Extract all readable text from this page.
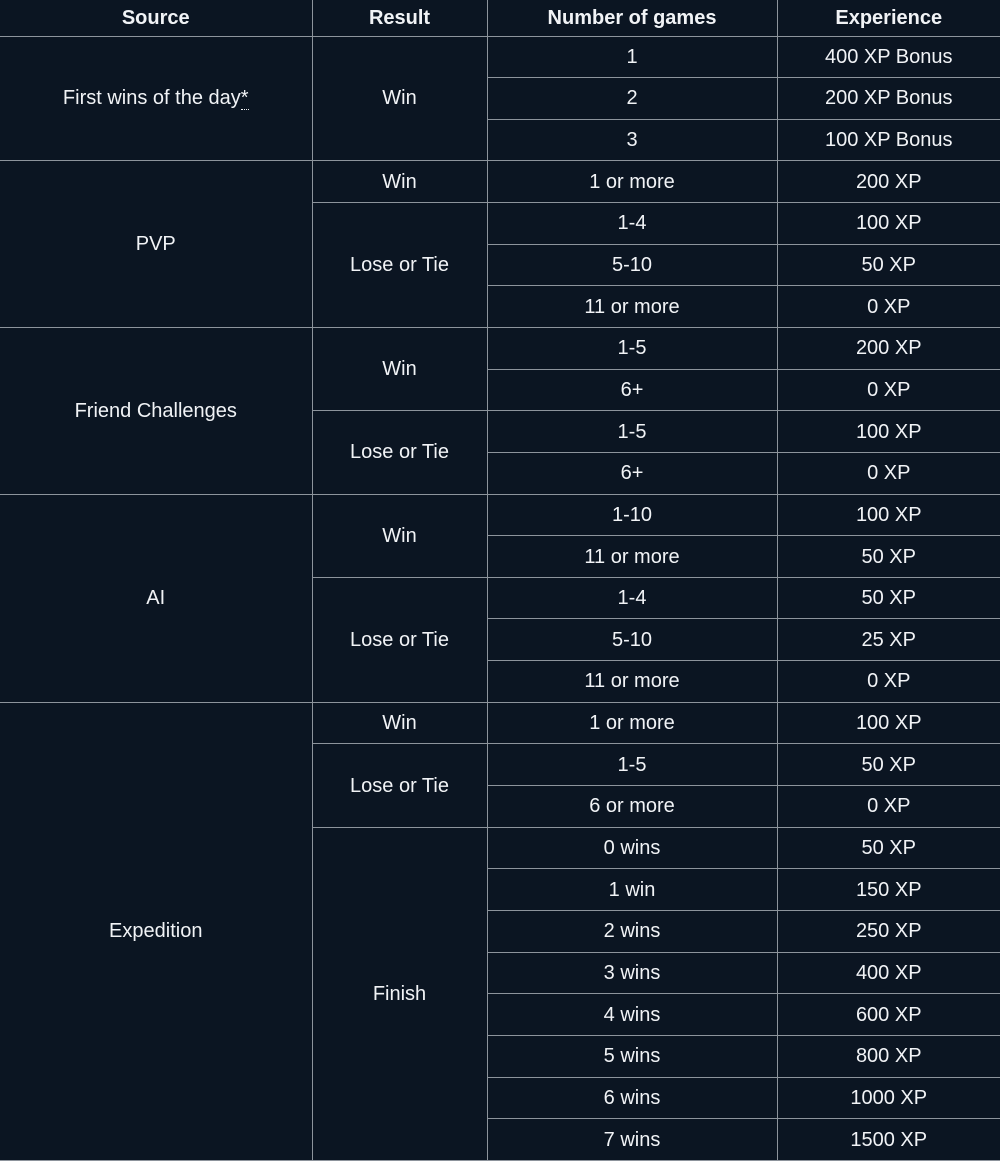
Source	Result	Number of games	Experience
First wins of the day*	Win	1	400 XP Bonus
		2	200 XP Bonus
		3	100 XP Bonus
PVP	Win	1 or more	200 XP
	Lose or Tie	1-4	100 XP
		5-10	50 XP
		11 or more	0 XP
Friend Challenges	Win	1-5	200 XP
		6+	0 XP
	Lose or Tie	1-5	100 XP
		6+	0 XP
AI	Win	1-10	100 XP
		11 or more	50 XP
	Lose or Tie	1-4	50 XP
		5-10	25 XP
		11 or more	0 XP
Expedition	Win	1 or more	100 XP
	Lose or Tie	1-5	50 XP
		6 or more	0 XP
	Finish	0 wins	50 XP
		1 win	150 XP
		2 wins	250 XP
		3 wins	400 XP
		4 wins	600 XP
		5 wins	800 XP
		6 wins	1000 XP
		7 wins	1500 XP
